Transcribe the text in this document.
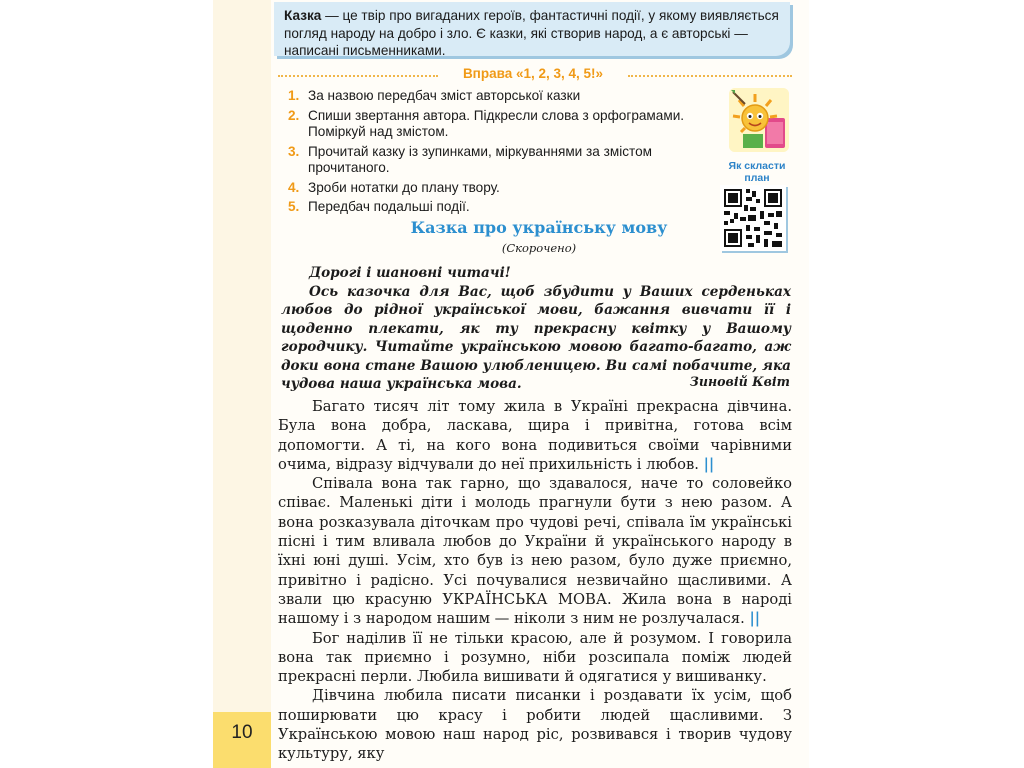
10
Казка — це твір про вигаданих героїв, фантастичні події, у якому виявляється погляд народу на добро і зло. Є казки, які створив народ, а є авторські — написані письменниками.
Вправа «1, 2, 3, 4, 5!»
1. За назвою передбач зміст авторської казки
2. Спиши звертання автора. Підкресли слова з орфограмами. Поміркуй над змістом.
3. Прочитай казку із зупинками, міркуваннями за змістом прочитаного.
4. Зроби нотатки до плану твору.
5. Передбач подальші події.
Як скласти план
Казка про українську мову
(Скорочено)

Дорогі і шановні читачі!

Ось казочка для Вас, щоб збудити у Ваших серденьках любов до рідної української мови, бажання вивчати її і щоденно плекати, як ту прекрасну квітку у Вашому городчику. Читайте українською мовою багато-багато, аж доки вона стане Вашою улюбленицею. Ви самі побачите, яка чудова наша українська мова.	Зиновій Квіт

Багато тисяч літ тому жила в Україні прекрасна дівчина. Була вона добра, ласкава, щира і привітна, готова всім допомогти. А ті, на кого вона подивиться своїми чарівними очима, відразу відчували до неї прихильність і любов. ||

Співала вона так гарно, що здавалося, наче то соловейко співає. Маленькі діти і молодь прагнули бути з нею разом. А вона розказувала діточкам про чудові речі, співала їм українські пісні і тим вливала любов до України й українського народу в їхні юні душі. Усім, хто був із нею разом, було дуже приємно, привітно і радісно. Усі почувалися незвичайно щасливими. А звали цю красуню УКРАЇНСЬКА МОВА. Жила вона в народі нашому і з народом нашим — ніколи з ним не розлучалася. ||

Бог наділив її не тільки красою, але й розумом. І говорила вона так приємно і розумно, ніби розсипала поміж людей прекрасні перли. Любила вишивати й одягатися у вишиванку.

Дівчина любила писати писанки і роздавати їх усім, щоб поширювати цю красу і робити людей щасливими. З Українською мовою наш народ ріс, розвивався і творив чудову культуру, яку
